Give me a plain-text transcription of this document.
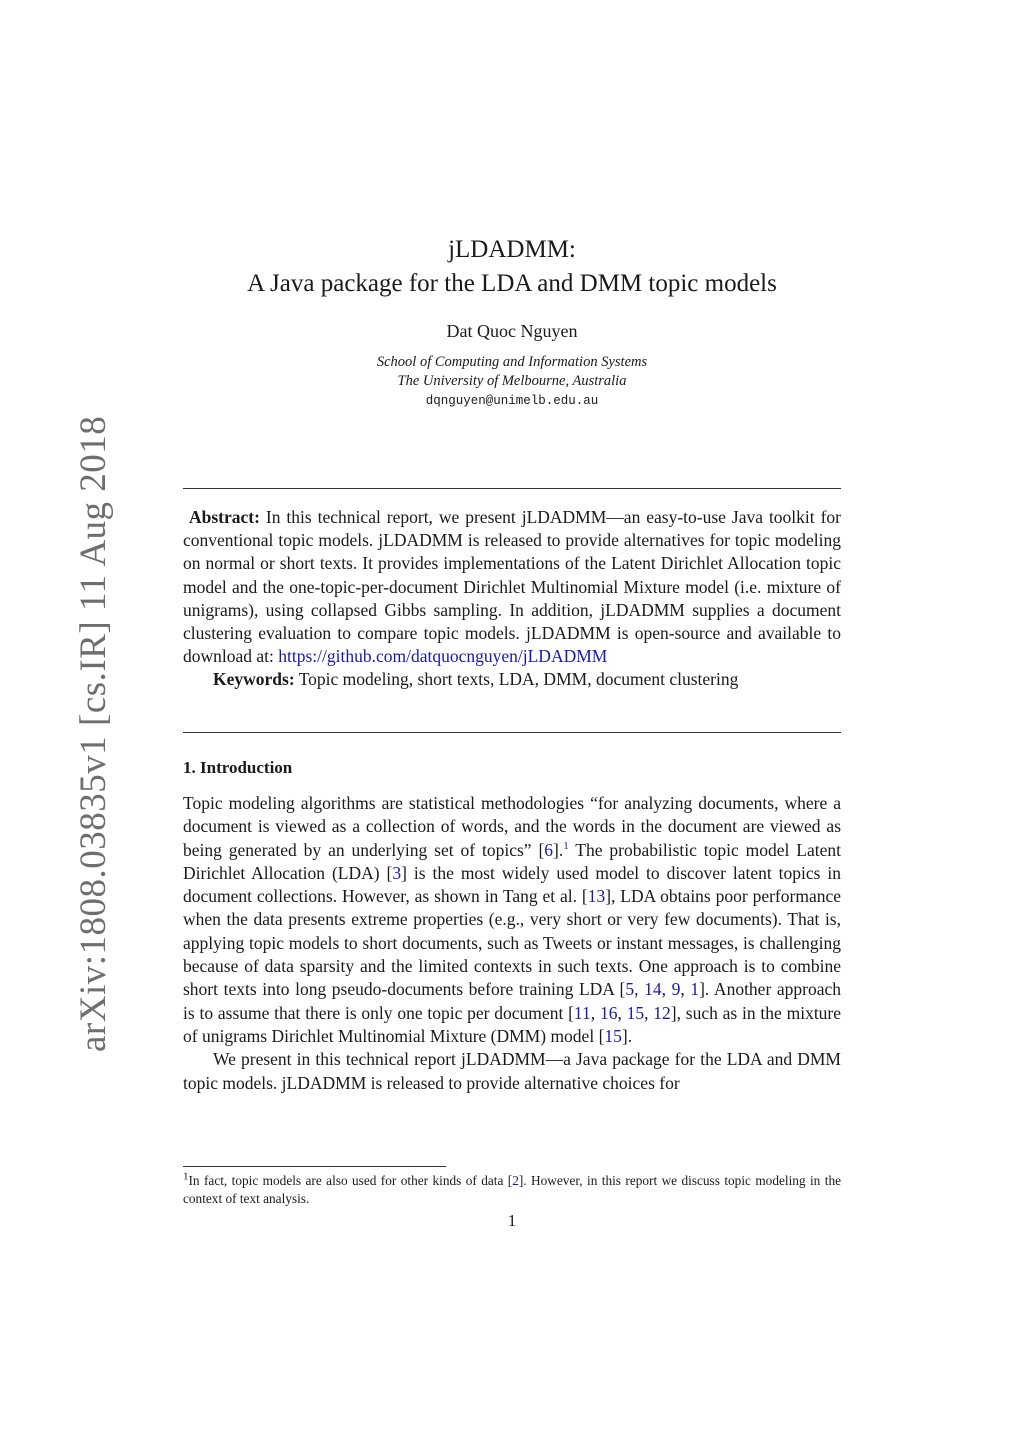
arXiv:1808.03835v1 [cs.IR] 11 Aug 2018
jLDADMM:
A Java package for the LDA and DMM topic models
Dat Quoc Nguyen
School of Computing and Information Systems
The University of Melbourne, Australia
dqnguyen@unimelb.edu.au

Abstract: In this technical report, we present jLDADMM—an easy-to-use Java toolkit for conventional topic models. jLDADMM is released to provide alternatives for topic modeling on normal or short texts. It provides implementations of the Latent Dirichlet Allocation topic model and the one-topic-per-document Dirichlet Multinomial Mixture model (i.e. mixture of unigrams), using collapsed Gibbs sampling. In addition, jLDADMM supplies a document clustering evaluation to compare topic models. jLDADMM is open-source and available to download at: https://github.com/datquocnguyen/jLDADMM

Keywords: Topic modeling, short texts, LDA, DMM, document clustering

1. Introduction

Topic modeling algorithms are statistical methodologies “for analyzing documents, where a document is viewed as a collection of words, and the words in the document are viewed as being generated by an underlying set of topics” [6].$^1$ The probabilistic topic model Latent Dirichlet Allocation (LDA) [3] is the most widely used model to discover latent topics in document collections. However, as shown in Tang et al. [13], LDA obtains poor performance when the data presents extreme properties (e.g., very short or very few documents). That is, applying topic models to short documents, such as Tweets or instant messages, is challenging because of data sparsity and the limited contexts in such texts. One approach is to combine short texts into long pseudo-documents before training LDA [5, 14, 9, 1]. Another approach is to assume that there is only one topic per document [11, 16, 15, 12], such as in the mixture of unigrams Dirichlet Multinomial Mixture (DMM) model [15].

We present in this technical report jLDADMM—a Java package for the LDA and DMM topic models. jLDADMM is released to provide alternative choices for

$^1$In fact, topic models are also used for other kinds of data [2]. However, in this report we discuss topic modeling in the context of text analysis.
1
